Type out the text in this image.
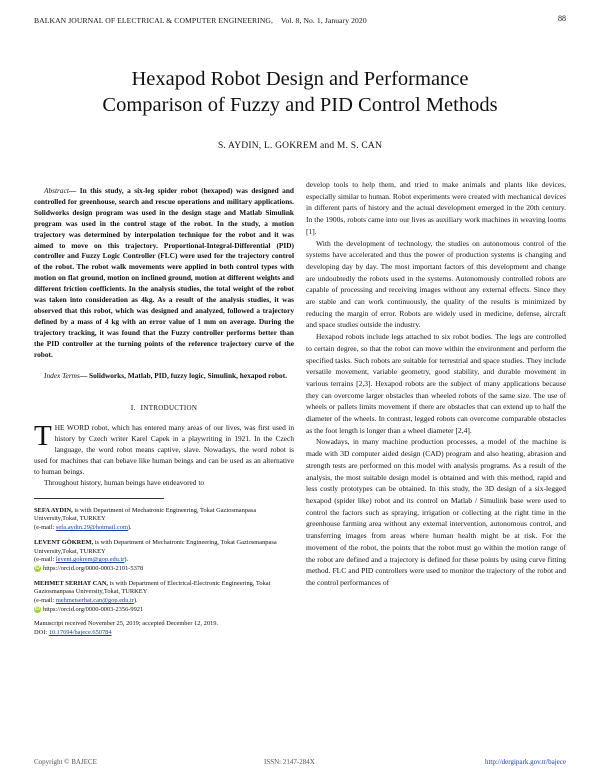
BALKAN JOURNAL OF ELECTRICAL & COMPUTER ENGINEERING, Vol. 8, No. 1, January 2020	88
Hexapod Robot Design and Performance
Comparison of Fuzzy and PID Control Methods
S. AYDIN, L. GOKREM and M. S. CAN

Abstract— In this study, a six-leg spider robot (hexapod) was designed and controlled for greenhouse, search and rescue operations and military applications. Solidworks design program was used in the design stage and Matlab Simulink program was used in the control stage of the robot. In the study, a motion trajectory was determined by interpolation technique for the robot and it was aimed to move on this trajectory. Proportional-Integral-Differential (PID) controller and Fuzzy Logic Controller (FLC) were used for the trajectory control of the robot. The robot walk movements were applied in both control types with motion on flat ground, motion on inclined ground, motion at different weights and different friction coefficients. In the analysis studies, the total weight of the robot was taken into consideration as 4kg. As a result of the analysis studies, it was observed that this robot, which was designed and analyzed, followed a trajectory defined by a mass of 4 kg with an error value of 1 mm on average. During the trajectory tracking, it was found that the Fuzzy controller performs better than the PID controller at the turning points of the reference trajectory curve of the robot.

Index Terms— Solidworks, Matlab, PID, fuzzy logic, Simulink, hexapod robot.

I. INTRODUCTION

THE WORD robot, which has entered many areas of our lives, was first used in history by Czech writer Karel Capek in a playwriting in 1921. In the Czech language, the word robot means captive, slave. Nowadays, the word robot is used for machines that can behave like human beings and can be used as an alternative to human beings.

Throughout history, human beings have endeavored to

SEFA AYDIN, is with Department of Mechatronic Engineering, Tokat Gaziosmanpasa University,Tokat, TURKEY
(e-mail: sefa.aydin.29@hotmail.com).

LEVENT GÖKREM, is with Department of Mechatronic Engineering, Tokat Gaziosmanpasa University,Tokat, TURKEY
(e-mail: levent.gokrem@gop.edu.tr).
iD https://orcid.org/0000-0003-2101-5378

MEHMET SERHAT CAN, is with Department of Electrical-Electronic Engineering, Tokat Gaziosmanpasa University,Tokat, TURKEY
(e-mail: mehmetserhat.can@gop.edu.tr).
iD https://orcid.org/0000-0003-2356-9921

Manuscript received November 25, 2019; accepted December 12, 2019.
DOI: 10.17694/bajece.650784

develop tools to help them, and tried to make animals and plants like devices, especially similar to human. Robot experiments were created with mechanical devices in different parts of history and the actual development emerged in the 20th century. In the 1900s, robots came into our lives as auxiliary work machines in weaving looms [1].

With the development of technology, the studies on autonomous control of the systems have accelerated and thus the power of production systems is changing and developing day by day. The most important factors of this development and change are undoubtedly the robots used in the systems. Autonomously controlled robots are capable of processing and receiving images without any external effects. Since they are stable and can work continuously, the quality of the results is minimized by reducing the margin of error. Robots are widely used in medicine, defense, aircraft and space studies outside the industry.

Hexapod robots include legs attached to six robot bodies. The legs are controlled to certain degree, so that the robot can move within the environment and perform the specified tasks. Such robots are suitable for terrestrial and space studies. They include versatile movement, variable geometry, good stability, and durable movement in various terrains [2,3]. Hexapod robots are the subject of many applications because they can overcome larger obstacles than wheeled robots of the same size. The use of wheels or pallets limits movement if there are obstacles that can extend up to half the diameter of the wheels. In contrast, legged robots can overcome comparable obstacles as the foot length is longer than a wheel diameter [2,4].

Nowadays, in many machine production processes, a model of the machine is made with 3D computer aided design (CAD) program and also heating, abrasion and strength tests are performed on this model with analysis programs. As a result of the analysis, the most suitable design model is obtained and with this method, rapid and less costly prototypes can be obtained. In this study, the 3D design of a six-legged hexapod (spider like) robot and its control on Matlab / Simulink base were used to control the factors such as spraying, irrigation or collecting at the right time in the greenhouse farming area without any external intervention, autonomous control, and transferring images from areas where human health might be at risk. For the movement of the robot, the points that the robot must go within the motion range of the robot are defined and a trajectory is defined for these points by using curve fitting method. FLC and PID controllers were used to monitor the trajectory of the robot and the control performances of

Copyright © BAJECE	ISSN: 2147-284X	http://dergipark.gov.tr/bajece
